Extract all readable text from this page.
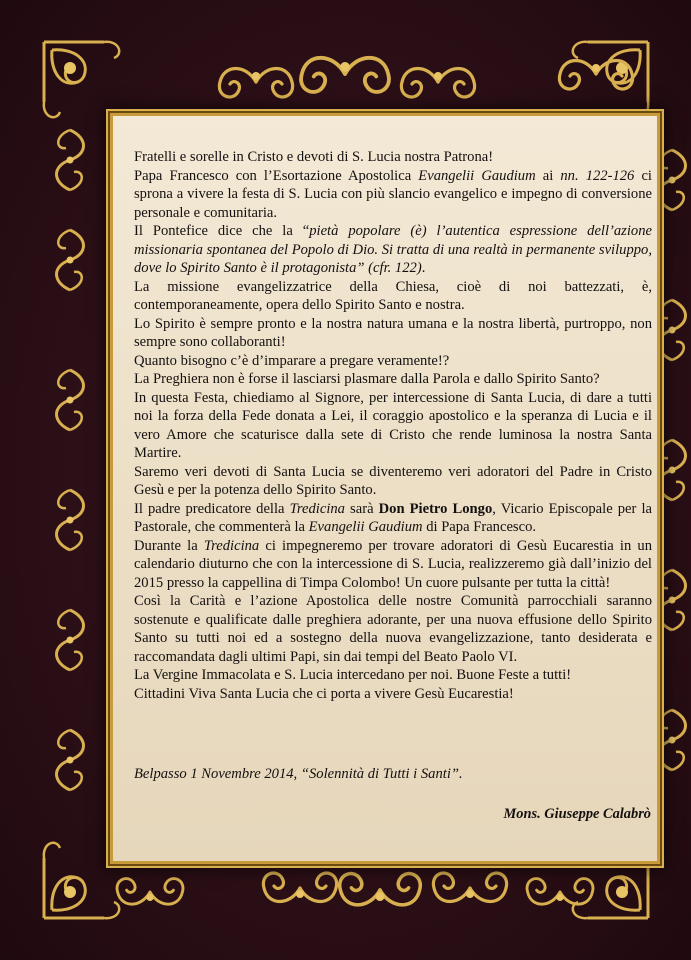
Fratelli e sorelle in Cristo e devoti di S. Lucia nostra Patrona!

Papa Francesco con l’Esortazione Apostolica Evangelii Gaudium ai nn. 122-126 ci sprona a vivere la festa di S. Lucia con più slancio evangelico e impegno di conversione personale e comunitaria.

Il Pontefice dice che la “pietà popolare (è) l’autentica espressione dell’azione missionaria spontanea del Popolo di Dio. Si tratta di una realtà in permanente sviluppo, dove lo Spirito Santo è il protagonista” (cfr. 122).

La missione evangelizzatrice della Chiesa, cioè di noi battezzati, è, contemporaneamente, opera dello Spirito Santo e nostra.

Lo Spirito è sempre pronto e la nostra natura umana e la nostra libertà, purtroppo, non sempre sono collaboranti!

Quanto bisogno c’è d’imparare a pregare veramente!?

La Preghiera non è forse il lasciarsi plasmare dalla Parola e dallo Spirito Santo?

In questa Festa, chiediamo al Signore, per intercessione di Santa Lucia, di dare a tutti noi la forza della Fede donata a Lei, il coraggio apostolico e la speranza di Lucia e il vero Amore che scaturisce dalla sete di Cristo che rende luminosa la nostra Santa Martire.

Saremo veri devoti di Santa Lucia se diventeremo veri adoratori del Padre in Cristo Gesù e per la potenza dello Spirito Santo.

Il padre predicatore della Tredicina sarà Don Pietro Longo, Vicario Episcopale per la Pastorale, che commenterà la Evangelii Gaudium di Papa Francesco.

Durante la Tredicina ci impegneremo per trovare adoratori di Gesù Eucarestia in un calendario diuturno che con la intercessione di S. Lucia, realizzeremo già dall’inizio del 2015 presso la cappellina di Timpa Colombo! Un cuore pulsante per tutta la città!

Così la Carità e l’azione Apostolica delle nostre Comunità parrocchiali saranno sostenute e qualificate dalle preghiera adorante, per una nuova effusione dello Spirito Santo su tutti noi ed a sostegno della nuova evangelizzazione, tanto desiderata e raccomandata dagli ultimi Papi, sin dai tempi del Beato Paolo VI.

La Vergine Immacolata e S. Lucia intercedano per noi. Buone Feste a tutti!

Cittadini Viva Santa Lucia che ci porta a vivere Gesù Eucarestia!

Belpasso 1 Novembre 2014, “Solennità di Tutti i Santi”.
Mons. Giuseppe Calabrò
